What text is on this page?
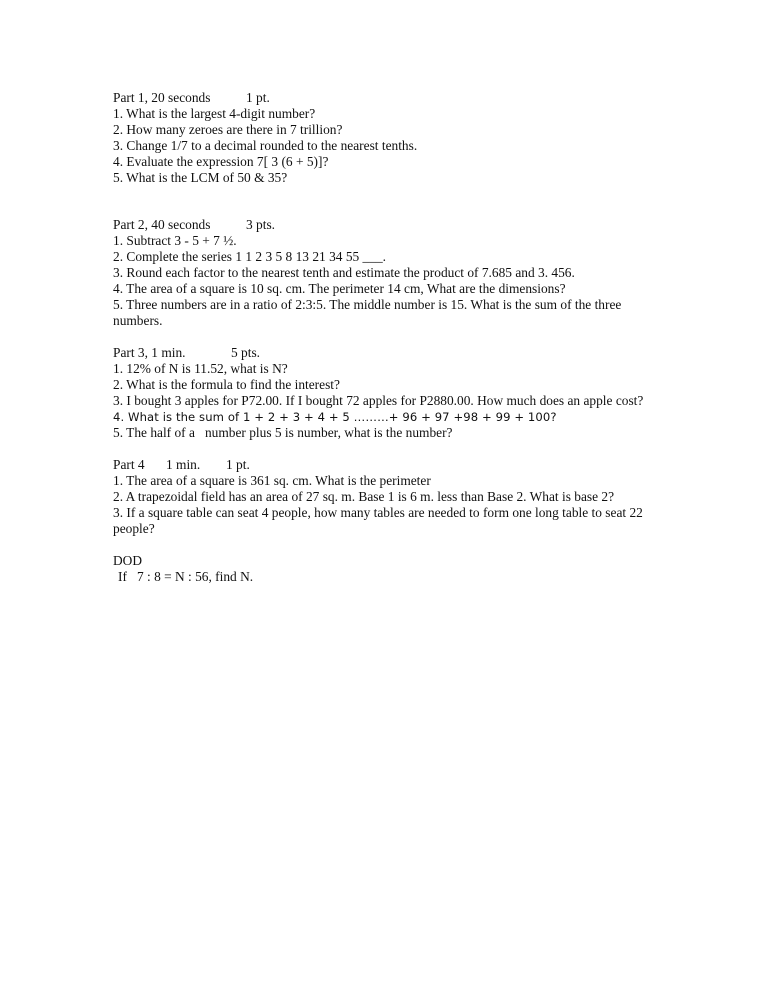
Part 1, 20 seconds	1 pt.
1. What is the largest 4-digit number?
2. How many zeroes are there in 7 trillion?
3. Change 1/7 to a decimal rounded to the nearest tenths.
4. Evaluate the expression 7[ 3 (6 + 5)]?
5. What is the LCM of 50 & 35?
Part 2, 40 seconds	3 pts.
1. Subtract 3 - 5 + 7 ½.
2. Complete the series 1 1 2 3 5 8 13 21 34 55 ___.
3. Round each factor to the nearest tenth and estimate the product of 7.685 and 3. 456.
4. The area of a square is 10 sq. cm. The perimeter 14 cm, What are the dimensions?
5. Three numbers are in a ratio of 2:3:5. The middle number is 15. What is the sum of the three numbers.
Part 3, 1 min.	5 pts.
1. 12% of N is 11.52, what is N?
2. What is the formula to find the interest?
3. I bought 3 apples for P72.00. If I bought 72 apples for P2880.00. How much does an apple cost?
4. What is the sum of 1 + 2 + 3 + 4 + 5 ………+ 96 + 97 +98 + 99 + 100?
5. The half of a   number plus 5 is number, what is the number?
Part 4 1 min. 1 pt.
1. The area of a square is 361 sq. cm. What is the perimeter
2. A trapezoidal field has an area of 27 sq. m. Base 1 is 6 m. less than Base 2. What is base 2?
3. If a square table can seat 4 people, how many tables are needed to form one long table to seat 22 people?
DOD
If   7 : 8 = N : 56, find N.
